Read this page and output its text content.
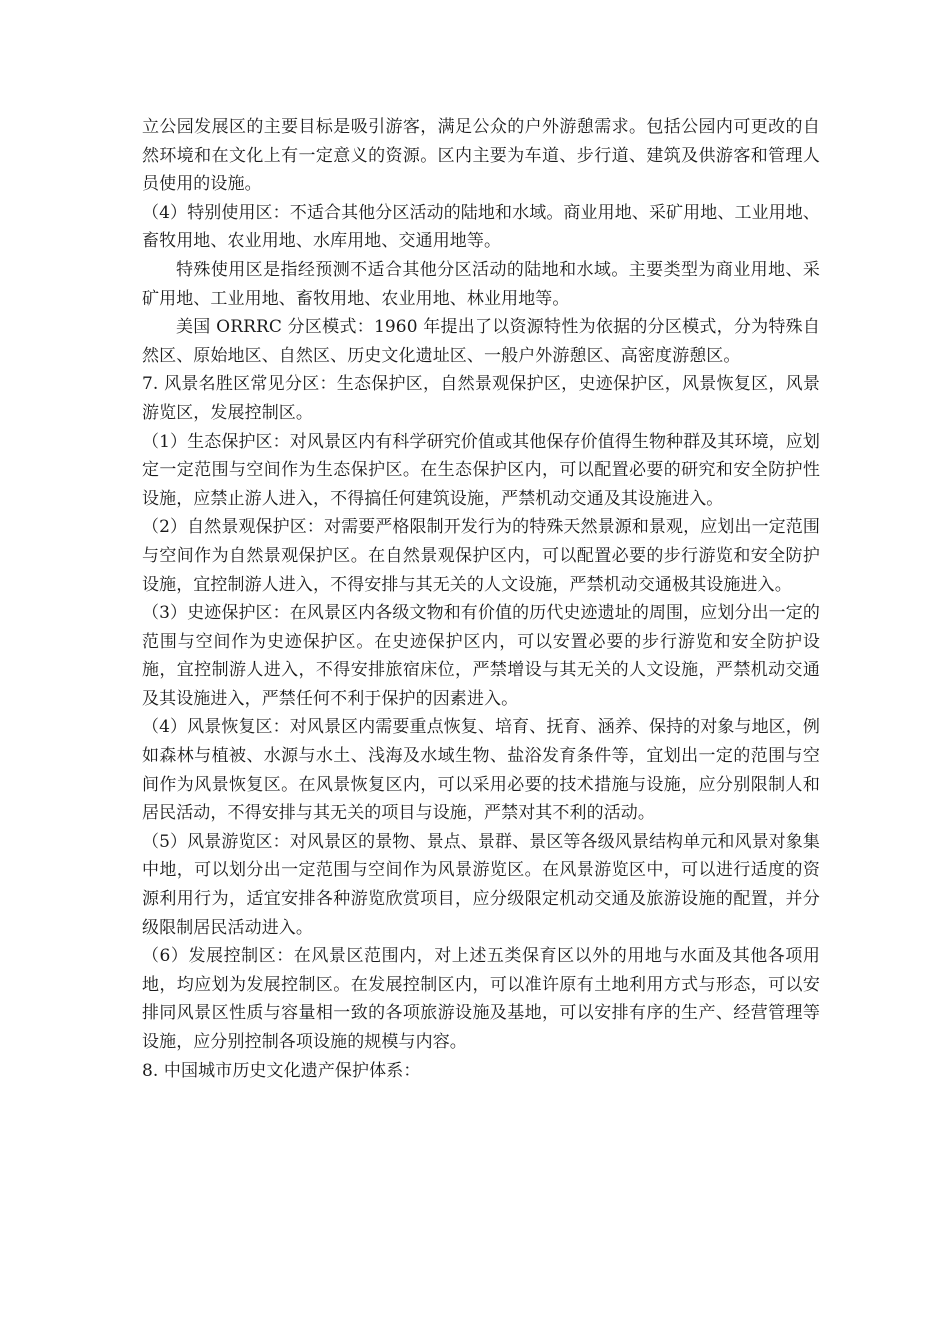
立公园发展区的主要目标是吸引游客，满足公众的户外游憩需求。包括公园内可更改的自然环境和在文化上有一定意义的资源。区内主要为车道、步行道、建筑及供游客和管理人员使用的设施。

（4）特别使用区：不适合其他分区活动的陆地和水域。商业用地、采矿用地、工业用地、畜牧用地、农业用地、水库用地、交通用地等。

特殊使用区是指经预测不适合其他分区活动的陆地和水域。主要类型为商业用地、采矿用地、工业用地、畜牧用地、农业用地、林业用地等。

美国 ORRRC 分区模式：1960 年提出了以资源特性为依据的分区模式，分为特殊自然区、原始地区、自然区、历史文化遗址区、一般户外游憩区、高密度游憩区。

7. 风景名胜区常见分区：生态保护区，自然景观保护区，史迹保护区，风景恢复区，风景游览区，发展控制区。

（1）生态保护区：对风景区内有科学研究价值或其他保存价值得生物种群及其环境，应划定一定范围与空间作为生态保护区。在生态保护区内，可以配置必要的研究和安全防护性设施，应禁止游人进入，不得搞任何建筑设施，严禁机动交通及其设施进入。

（2）自然景观保护区：对需要严格限制开发行为的特殊天然景源和景观，应划出一定范围与空间作为自然景观保护区。在自然景观保护区内，可以配置必要的步行游览和安全防护设施，宜控制游人进入，不得安排与其无关的人文设施，严禁机动交通极其设施进入。

（3）史迹保护区：在风景区内各级文物和有价值的历代史迹遗址的周围，应划分出一定的范围与空间作为史迹保护区。在史迹保护区内，可以安置必要的步行游览和安全防护设施，宜控制游人进入，不得安排旅宿床位，严禁增设与其无关的人文设施，严禁机动交通及其设施进入，严禁任何不利于保护的因素进入。

（4）风景恢复区：对风景区内需要重点恢复、培育、抚育、涵养、保持的对象与地区，例如森林与植被、水源与水土、浅海及水域生物、盐浴发育条件等，宜划出一定的范围与空间作为风景恢复区。在风景恢复区内，可以采用必要的技术措施与设施，应分别限制人和居民活动，不得安排与其无关的项目与设施，严禁对其不利的活动。

（5）风景游览区：对风景区的景物、景点、景群、景区等各级风景结构单元和风景对象集中地，可以划分出一定范围与空间作为风景游览区。在风景游览区中，可以进行适度的资源利用行为，适宜安排各种游览欣赏项目，应分级限定机动交通及旅游设施的配置，并分级限制居民活动进入。

（6）发展控制区：在风景区范围内，对上述五类保育区以外的用地与水面及其他各项用地，均应划为发展控制区。在发展控制区内，可以准许原有土地利用方式与形态，可以安排同风景区性质与容量相一致的各项旅游设施及基地，可以安排有序的生产、经营管理等设施，应分别控制各项设施的规模与内容。

8. 中国城市历史文化遗产保护体系：
